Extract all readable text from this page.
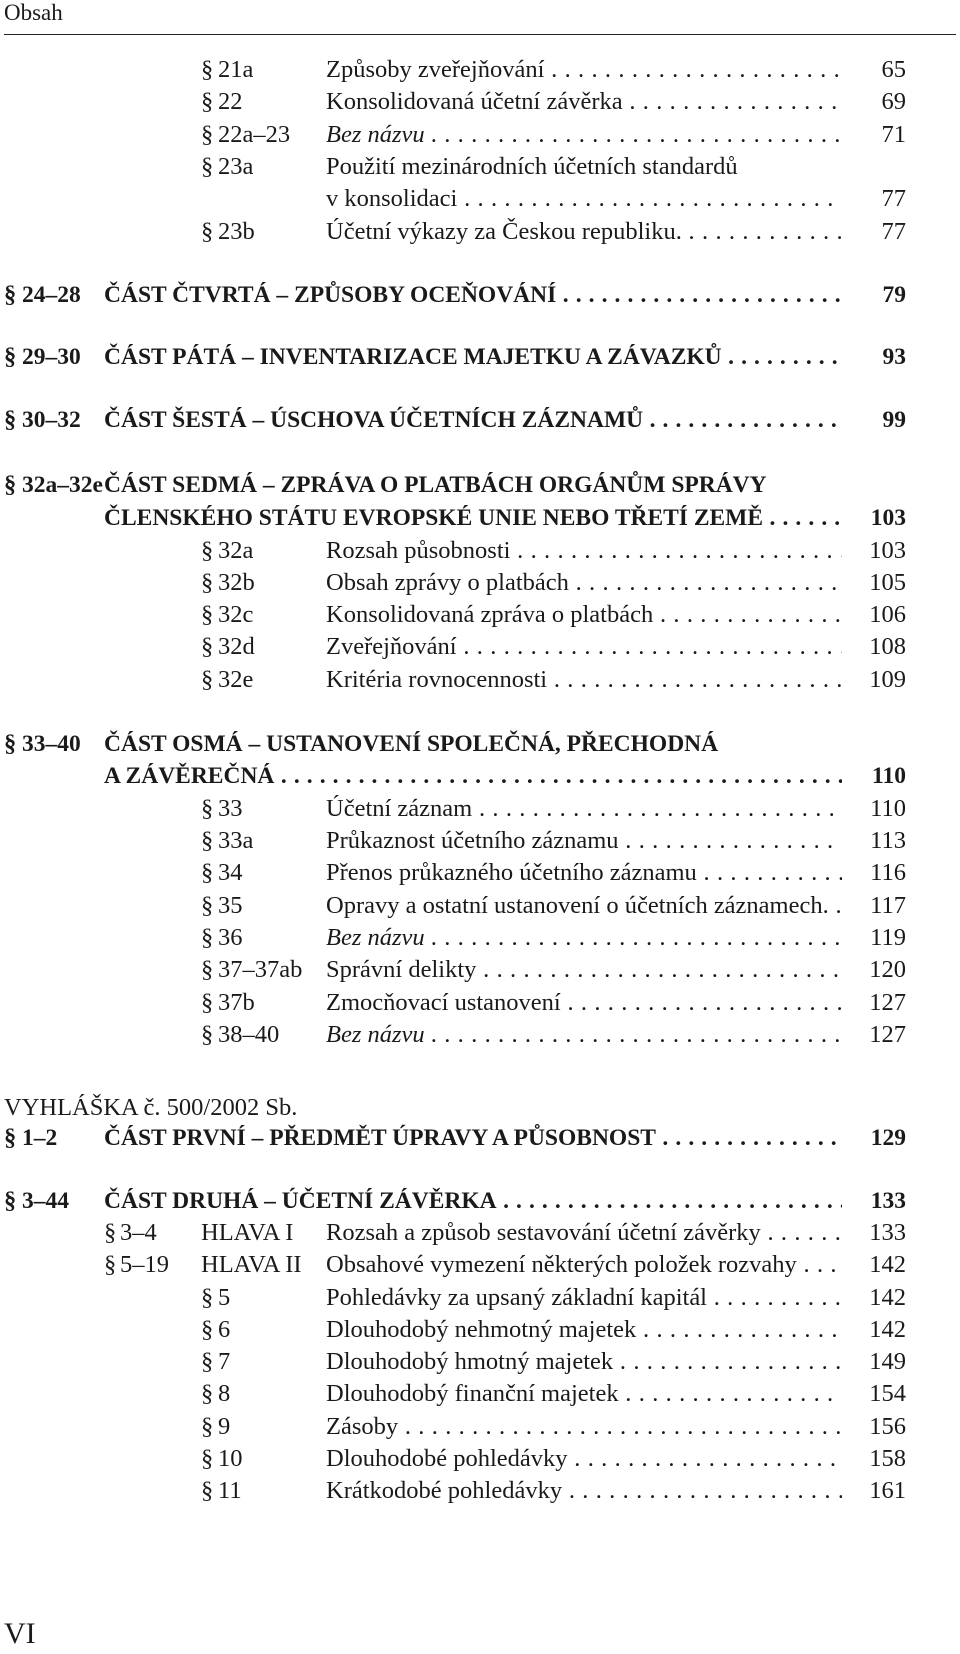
Obsah
§ 21a	Způsoby zveřejňování . . .	65
§ 22	Konsolidovaná účetní závěrka . . .	69
§ 22a–23 Bez názvu . . .	71
§ 23a	Použití mezinárodních účetních standardů
v konsolidaci . . .	77
§ 23b	Účetní výkazy za Českou republiku. . . .	77
§ 24–28 ČÁST ČTVRTÁ – ZPŮSOBY OCEŇOVÁNÍ . . .	79
§ 29–30 ČÁST PÁTÁ – INVENTARIZACE MAJETKU A ZÁVAZKŮ . . .	93
§ 30–32 ČÁST ŠESTÁ – ÚSCHOVA ÚČETNÍCH ZÁZNAMŮ . . .	99
§ 32a–32e ČÁST SEDMÁ – ZPRÁVA O PLATBÁCH ORGÁNŮM SPRÁVY
ČLENSKÉHO STÁTU EVROPSKÉ UNIE NEBO TŘETÍ ZEMĚ . . .	103
§ 32a	Rozsah působnosti . . .	103
§ 32b	Obsah zprávy o platbách . . .	105
§ 32c	Konsolidovaná zpráva o platbách . . .	106
§ 32d	Zveřejňování . . .	108
§ 32e	Kritéria rovnocennosti . . .	109
§ 33–40 ČÁST OSMÁ – USTANOVENÍ SPOLEČNÁ, PŘECHODNÁ
A ZÁVĚREČNÁ . . .	110
§ 33	Účetní záznam . . .	110
§ 33a	Průkaznost účetního záznamu . . .	113
§ 34	Přenos průkazného účetního záznamu . . .	116
§ 35	Opravy a ostatní ustanovení o účetních záznamech. . . .	117
§ 36	Bez názvu . . .	119
§ 37–37ab Správní delikty . . .	120
§ 37b	Zmocňovací ustanovení . . .	127
§ 38–40 Bez názvu . . .	127
§ 1–2 ČÁST PRVNÍ – PŘEDMĚT ÚPRAVY A PŮSOBNOST . . .	129
§ 3–44 ČÁST DRUHÁ – ÚČETNÍ ZÁVĚRKA . . .	133
§ 3–4 HLAVA I Rozsah a způsob sestavování účetní závěrky . . .	133
§ 5–19 HLAVA II Obsahové vymezení některých položek rozvahy . . .	142
§ 5	Pohledávky za upsaný základní kapitál . . .	142
§ 6	Dlouhodobý nehmotný majetek . . .	142
§ 7	Dlouhodobý hmotný majetek . . .	149
§ 8	Dlouhodobý finanční majetek . . .	154
§ 9	Zásoby . . .	156
§ 10	Dlouhodobé pohledávky . . .	158
§ 11	Krátkodobé pohledávky . . .	161
VYHLÁŠKA č. 500/2002 Sb.
VI
